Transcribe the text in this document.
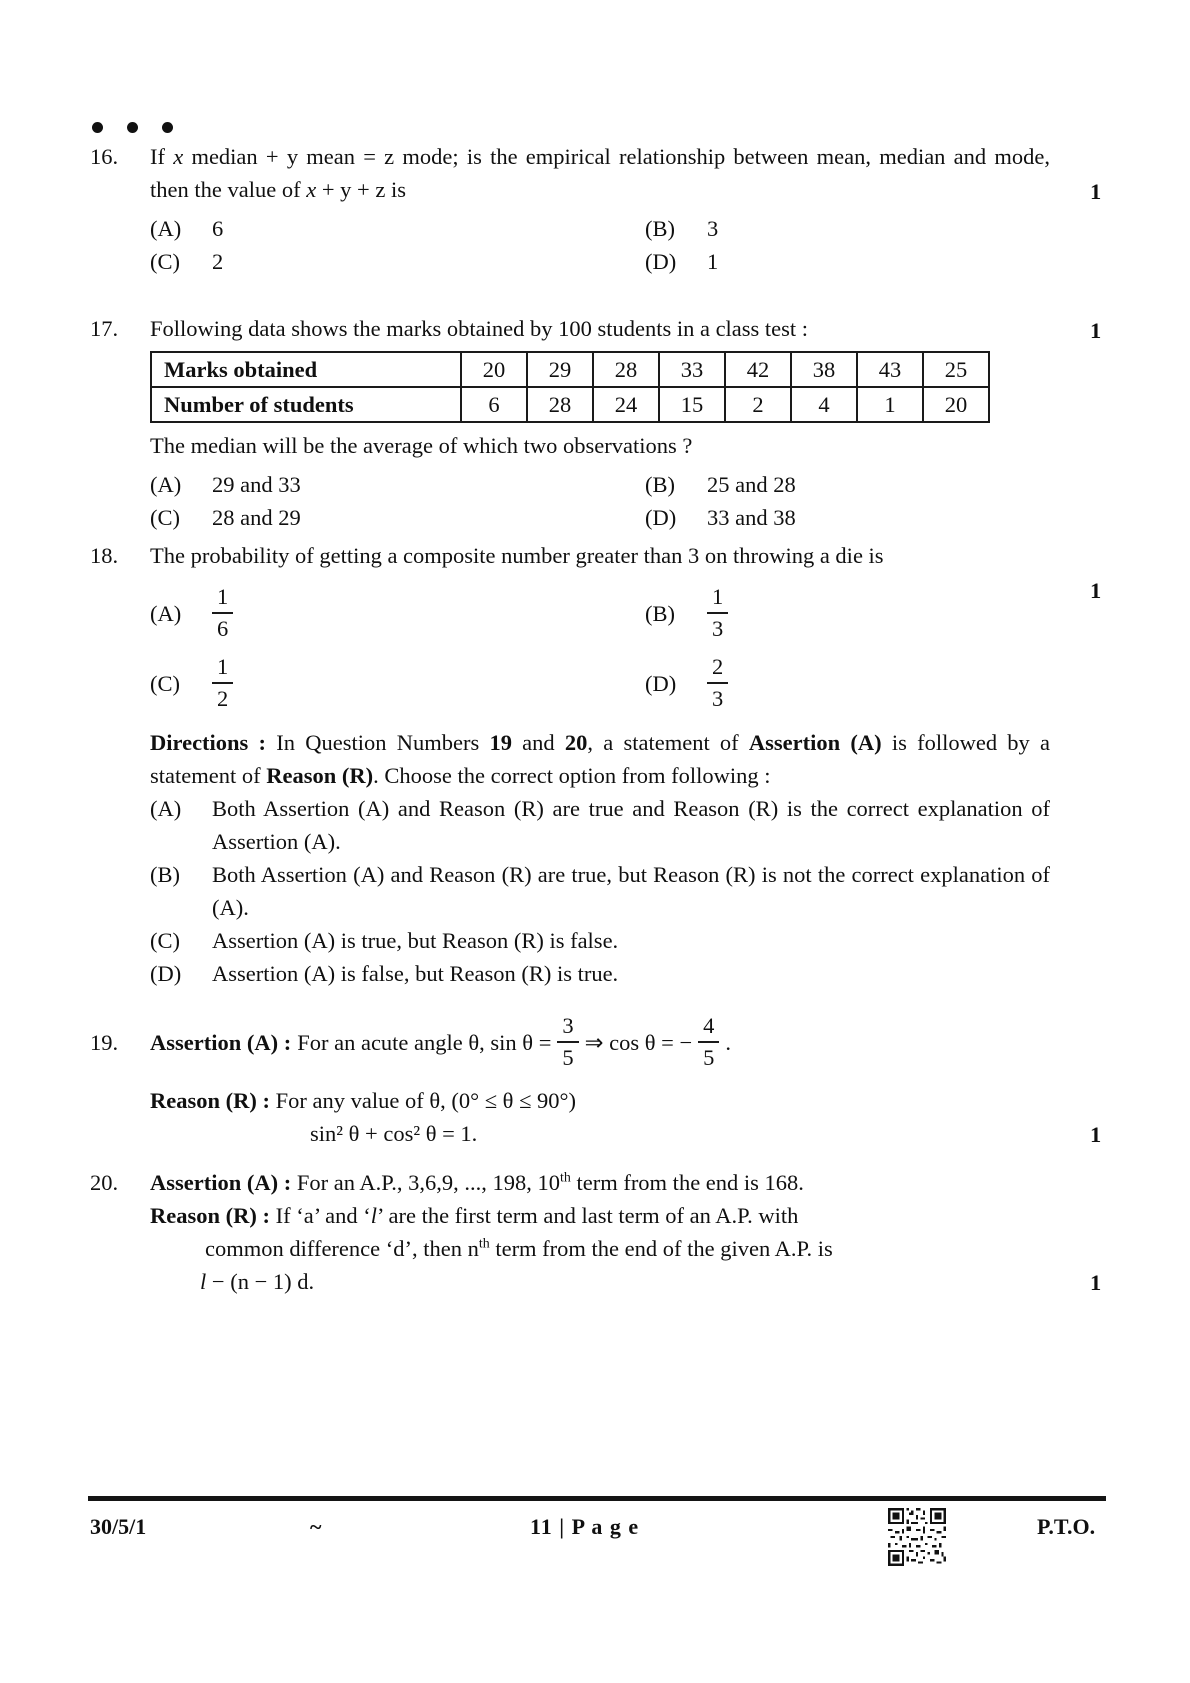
16.	If x median + y mean = z mode; is the empirical relationship between mean, median and mode, then the value of x + y + z is

(A)	6	(B)	3
(C)	2	(D)	1
1
17.	Following data shows the marks obtained by 100 students in a class test :

Marks obtained	20	29	28	33	42	38	43	25
Number of students	6	28	24	15	2	4	1	20

The median will be the average of which two observations ?

(A)	29 and 33	(B)	25 and 28
(C)	28 and 29	(D)	33 and 38
1
18.	The probability of getting a composite number greater than 3 on throwing a die is

(A)	$\frac{1}{6}$	(B)	$\frac{1}{3}$
(C)	$\frac{1}{2}$	(D)	$\frac{2}{3}$
1

Directions : In Question Numbers 19 and 20, a statement of Assertion (A) is followed by a statement of Reason (R). Choose the correct option from following :

(A)	Both Assertion (A) and Reason (R) are true and Reason (R) is the correct explanation of Assertion (A).
(B)	Both Assertion (A) and Reason (R) are true, but Reason (R) is not the correct explanation of (A).
(C)	Assertion (A) is true, but Reason (R) is false.
(D)	Assertion (A) is false, but Reason (R) is true.
19.	Assertion (A) : For an acute angle θ, $\sin \theta = \frac{3}{5}$ ⇒ cos θ = − $\frac{4}{5}$ .

Reason (R) : For any value of θ, (0° ≤ θ ≤ 90°)

sin² θ + cos² θ = 1.	1
20.	Assertion (A) : For an A.P., 3,6,9, ..., 198, 10th term from the end is 168.

Reason (R) : If ‘a’ and ‘l’ are the first term and last term of an A.P. with

common difference ‘d’, then $n^{th}$ term from the end of the given A.P. is

l − (n − 1) d.	1
30/5/1	~	11 | P a g e	P.T.O.
